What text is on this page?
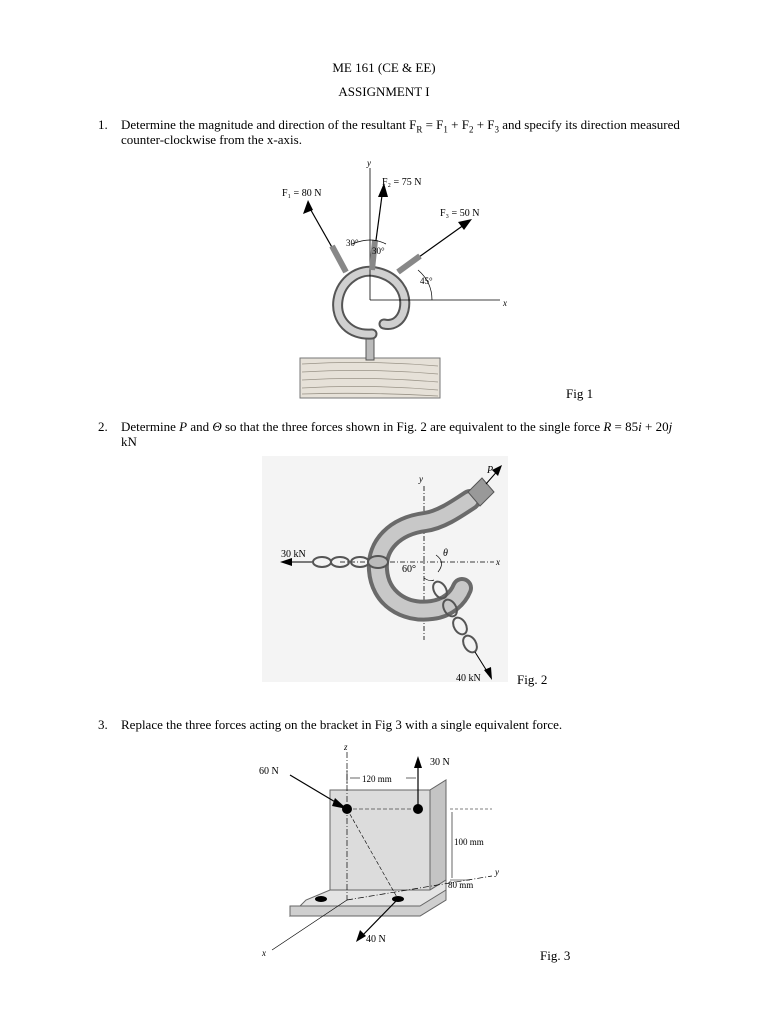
ME 161 (CE & EE)
ASSIGNMENT I
1. Determine the magnitude and direction of the resultant $F_R = F_1 + F_2 + F_3$ and specify its direction measured
counter-clockwise from the x-axis.
F₁ = 80 N
F₂ = 75 N
F₃ = 50 N
30°
30°
45°
y
x
Fig 1
2. Determine P and Θ so that the three forces shown in Fig. 2 are equivalent to the single force R = 85i + 20j
kN
P
y
x
θ
60°
30 kN
40 kN	Fig. 2
3. Replace the three forces acting on the bracket in Fig 3 with a single equivalent force.
60 N
30 N
40 N
120 mm
100 mm
80 mm
z
y
x	Fig. 3
